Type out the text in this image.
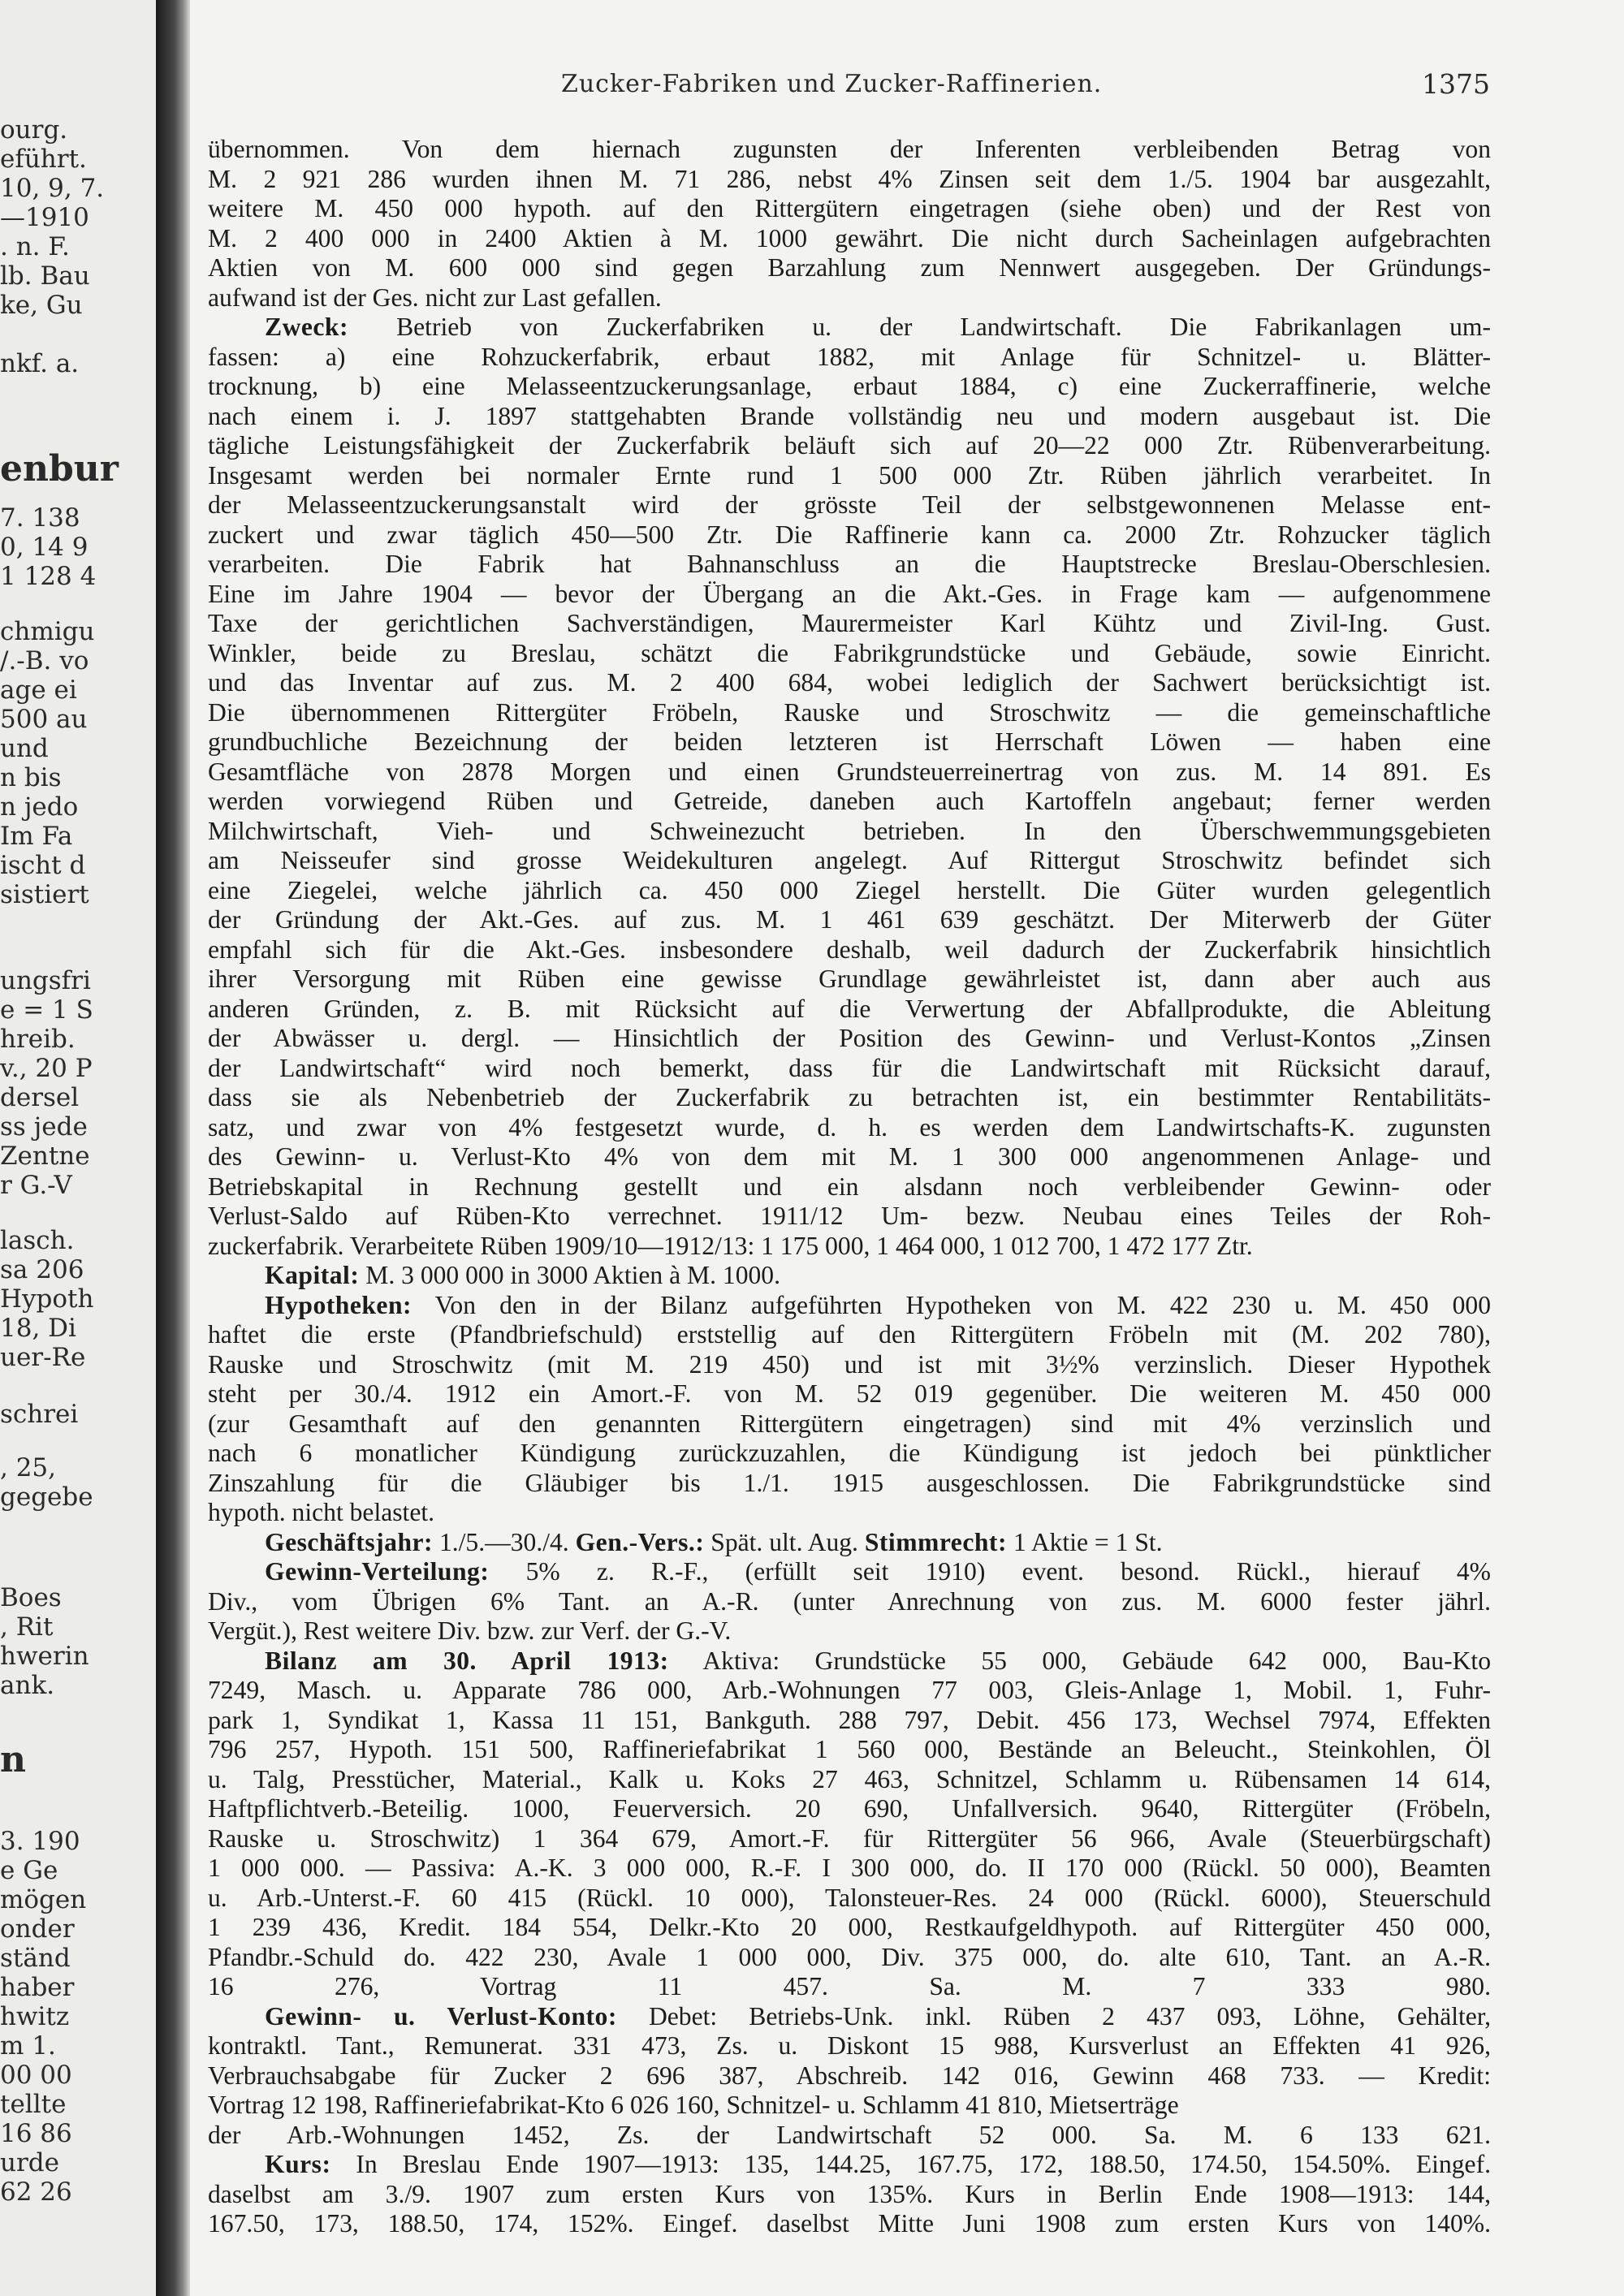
ourg.
eführt.
10, 9, 7.
—1910
. n. F.
lb. Bau
ke, Gu
nkf. a.
enbur
7. 138
0, 14 9
1 128 4
chmigu
/.-B. vo
age ei
500 au
und
n bis
n jedo
Im Fa
ischt d
sistiert
ungsfri
e = 1 S
hreib.
v., 20 P
dersel
ss jede
Zentne
r G.-V
lasch.
sa 206
Hypoth
18, Di
uer-Re
schrei
, 25,
gegebe
Boes
, Rit
hwerin
ank.
n
3. 190
e Ge
mögen
onder
ständ
haber
hwitz
m 1.
00 00
tellte
16 86
urde
62 26
Zucker-Fabriken und Zucker-Raffinerien.	1375
übernommen. Von dem hiernach zugunsten der Inferenten verbleibenden Betrag von
M. 2 921 286 wurden ihnen M. 71 286, nebst 4% Zinsen seit dem 1./5. 1904 bar ausgezahlt,
weitere M. 450 000 hypoth. auf den Rittergütern eingetragen (siehe oben) und der Rest von
M. 2 400 000 in 2400 Aktien à M. 1000 gewährt. Die nicht durch Sacheinlagen aufgebrachten
Aktien von M. 600 000 sind gegen Barzahlung zum Nennwert ausgegeben. Der Gründungs-
aufwand ist der Ges. nicht zur Last gefallen.
Zweck: Betrieb von Zuckerfabriken u. der Landwirtschaft. Die Fabrikanlagen um-
fassen: a) eine Rohzuckerfabrik, erbaut 1882, mit Anlage für Schnitzel- u. Blätter-
trocknung, b) eine Melasseentzuckerungsanlage, erbaut 1884, c) eine Zuckerraffinerie, welche
nach einem i. J. 1897 stattgehabten Brande vollständig neu und modern ausgebaut ist. Die
tägliche Leistungsfähigkeit der Zuckerfabrik beläuft sich auf 20—22 000 Ztr. Rübenverarbeitung.
Insgesamt werden bei normaler Ernte rund 1 500 000 Ztr. Rüben jährlich verarbeitet. In
der Melasseentzuckerungsanstalt wird der grösste Teil der selbstgewonnenen Melasse ent-
zuckert und zwar täglich 450—500 Ztr. Die Raffinerie kann ca. 2000 Ztr. Rohzucker täglich
verarbeiten. Die Fabrik hat Bahnanschluss an die Hauptstrecke Breslau-Oberschlesien.
Eine im Jahre 1904 — bevor der Übergang an die Akt.-Ges. in Frage kam — aufgenommene
Taxe der gerichtlichen Sachverständigen, Maurermeister Karl Kühtz und Zivil-Ing. Gust.
Winkler, beide zu Breslau, schätzt die Fabrikgrundstücke und Gebäude, sowie Einricht.
und das Inventar auf zus. M. 2 400 684, wobei lediglich der Sachwert berücksichtigt ist.
Die übernommenen Rittergüter Fröbeln, Rauske und Stroschwitz — die gemeinschaftliche
grundbuchliche Bezeichnung der beiden letzteren ist Herrschaft Löwen — haben eine
Gesamtfläche von 2878 Morgen und einen Grundsteuerreinertrag von zus. M. 14 891. Es
werden vorwiegend Rüben und Getreide, daneben auch Kartoffeln angebaut; ferner werden
Milchwirtschaft, Vieh- und Schweinezucht betrieben. In den Überschwemmungsgebieten
am Neisseufer sind grosse Weidekulturen angelegt. Auf Rittergut Stroschwitz befindet sich
eine Ziegelei, welche jährlich ca. 450 000 Ziegel herstellt. Die Güter wurden gelegentlich
der Gründung der Akt.-Ges. auf zus. M. 1 461 639 geschätzt. Der Miterwerb der Güter
empfahl sich für die Akt.-Ges. insbesondere deshalb, weil dadurch der Zuckerfabrik hinsichtlich
ihrer Versorgung mit Rüben eine gewisse Grundlage gewährleistet ist, dann aber auch aus
anderen Gründen, z. B. mit Rücksicht auf die Verwertung der Abfallprodukte, die Ableitung
der Abwässer u. dergl. — Hinsichtlich der Position des Gewinn- und Verlust-Kontos „Zinsen
der Landwirtschaft“ wird noch bemerkt, dass für die Landwirtschaft mit Rücksicht darauf,
dass sie als Nebenbetrieb der Zuckerfabrik zu betrachten ist, ein bestimmter Rentabilitäts-
satz, und zwar von 4% festgesetzt wurde, d. h. es werden dem Landwirtschafts-K. zugunsten
des Gewinn- u. Verlust-Kto 4% von dem mit M. 1 300 000 angenommenen Anlage- und
Betriebskapital in Rechnung gestellt und ein alsdann noch verbleibender Gewinn- oder
Verlust-Saldo auf Rüben-Kto verrechnet. 1911/12 Um- bezw. Neubau eines Teiles der Roh-
zuckerfabrik. Verarbeitete Rüben 1909/10—1912/13: 1 175 000, 1 464 000, 1 012 700, 1 472 177 Ztr.
Kapital: M. 3 000 000 in 3000 Aktien à M. 1000.
Hypotheken: Von den in der Bilanz aufgeführten Hypotheken von M. 422 230 u. M. 450 000
haftet die erste (Pfandbriefschuld) erststellig auf den Rittergütern Fröbeln mit (M. 202 780),
Rauske und Stroschwitz (mit M. 219 450) und ist mit 3½% verzinslich. Dieser Hypothek
steht per 30./4. 1912 ein Amort.-F. von M. 52 019 gegenüber. Die weiteren M. 450 000
(zur Gesamthaft auf den genannten Rittergütern eingetragen) sind mit 4% verzinslich und
nach 6 monatlicher Kündigung zurückzuzahlen, die Kündigung ist jedoch bei pünktlicher
Zinszahlung für die Gläubiger bis 1./1. 1915 ausgeschlossen. Die Fabrikgrundstücke sind
hypoth. nicht belastet.
Geschäftsjahr: 1./5.—30./4. Gen.-Vers.: Spät. ult. Aug. Stimmrecht: 1 Aktie = 1 St.
Gewinn-Verteilung: 5% z. R.-F., (erfüllt seit 1910) event. besond. Rückl., hierauf 4%
Div., vom Übrigen 6% Tant. an A.-R. (unter Anrechnung von zus. M. 6000 fester jährl.
Vergüt.), Rest weitere Div. bzw. zur Verf. der G.-V.
Bilanz am 30. April 1913: Aktiva: Grundstücke 55 000, Gebäude 642 000, Bau-Kto
7249, Masch. u. Apparate 786 000, Arb.-Wohnungen 77 003, Gleis-Anlage 1, Mobil. 1, Fuhr-
park 1, Syndikat 1, Kassa 11 151, Bankguth. 288 797, Debit. 456 173, Wechsel 7974, Effekten
796 257, Hypoth. 151 500, Raffineriefabrikat 1 560 000, Bestände an Beleucht., Steinkohlen, Öl
u. Talg, Presstücher, Material., Kalk u. Koks 27 463, Schnitzel, Schlamm u. Rübensamen 14 614,
Haftpflichtverb.-Beteilig. 1000, Feuerversich. 20 690, Unfallversich. 9640, Rittergüter (Fröbeln,
Rauske u. Stroschwitz) 1 364 679, Amort.-F. für Rittergüter 56 966, Avale (Steuerbürgschaft)
1 000 000. — Passiva: A.-K. 3 000 000, R.-F. I 300 000, do. II 170 000 (Rückl. 50 000), Beamten
u. Arb.-Unterst.-F. 60 415 (Rückl. 10 000), Talonsteuer-Res. 24 000 (Rückl. 6000), Steuerschuld
1 239 436, Kredit. 184 554, Delkr.-Kto 20 000, Restkaufgeldhypoth. auf Rittergüter 450 000,
Pfandbr.-Schuld do. 422 230, Avale 1 000 000, Div. 375 000, do. alte 610, Tant. an A.-R.
16 276, Vortrag 11 457. Sa. M. 7 333 980.
Gewinn- u. Verlust-Konto: Debet: Betriebs-Unk. inkl. Rüben 2 437 093, Löhne, Gehälter,
kontraktl. Tant., Remunerat. 331 473, Zs. u. Diskont 15 988, Kursverlust an Effekten 41 926,
Verbrauchsabgabe für Zucker 2 696 387, Abschreib. 142 016, Gewinn 468 733. — Kredit:
Vortrag 12 198, Raffineriefabrikat-Kto 6 026 160, Schnitzel- u. Schlamm 41 810, Mietserträge
der Arb.-Wohnungen 1452, Zs. der Landwirtschaft 52 000. Sa. M. 6 133 621.
Kurs: In Breslau Ende 1907—1913: 135, 144.25, 167.75, 172, 188.50, 174.50, 154.50%. Eingef.
daselbst am 3./9. 1907 zum ersten Kurs von 135%. Kurs in Berlin Ende 1908—1913: 144,
167.50, 173, 188.50, 174, 152%. Eingef. daselbst Mitte Juni 1908 zum ersten Kurs von 140%.
